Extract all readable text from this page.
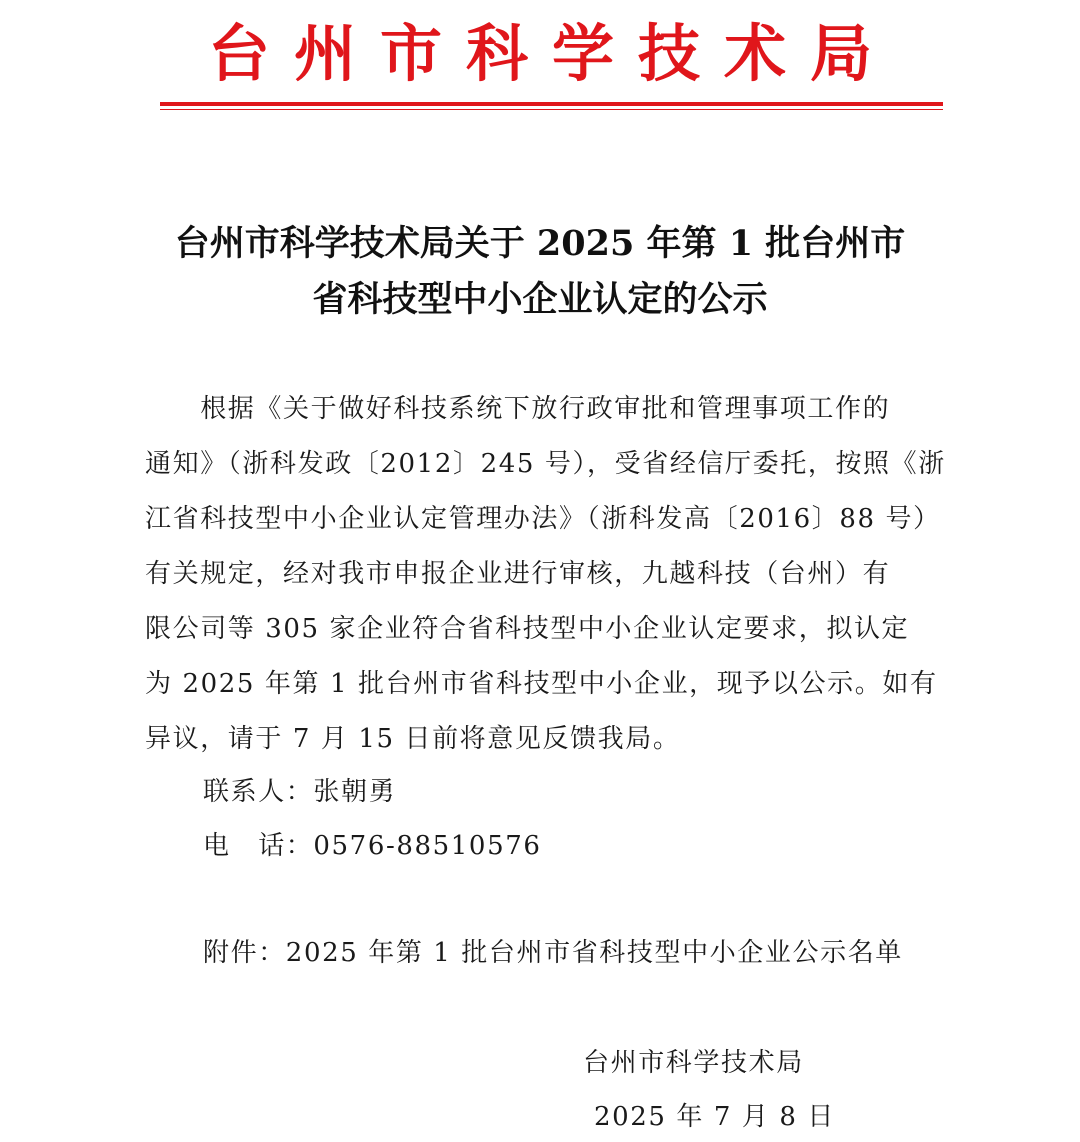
台州市科学技术局
台州市科学技术局关于 2025 年第 1 批台州市
省科技型中小企业认定的公示
　　根据《关于做好科技系统下放行政审批和管理事项工作的
通知》（浙科发政〔2012〕245 号），受省经信厅委托，按照《浙
江省科技型中小企业认定管理办法》（浙科发高〔2016〕88 号）
有关规定，经对我市申报企业进行审核，九越科技（台州）有
限公司等 305 家企业符合省科技型中小企业认定要求，拟认定
为 2025 年第 1 批台州市省科技型中小企业，现予以公示。如有
异议，请于 7 月 15 日前将意见反馈我局。
联系人：张朝勇
电　话：0576-88510576
附件：2025 年第 1 批台州市省科技型中小企业公示名单
台州市科学技术局
2025 年 7 月 8 日
